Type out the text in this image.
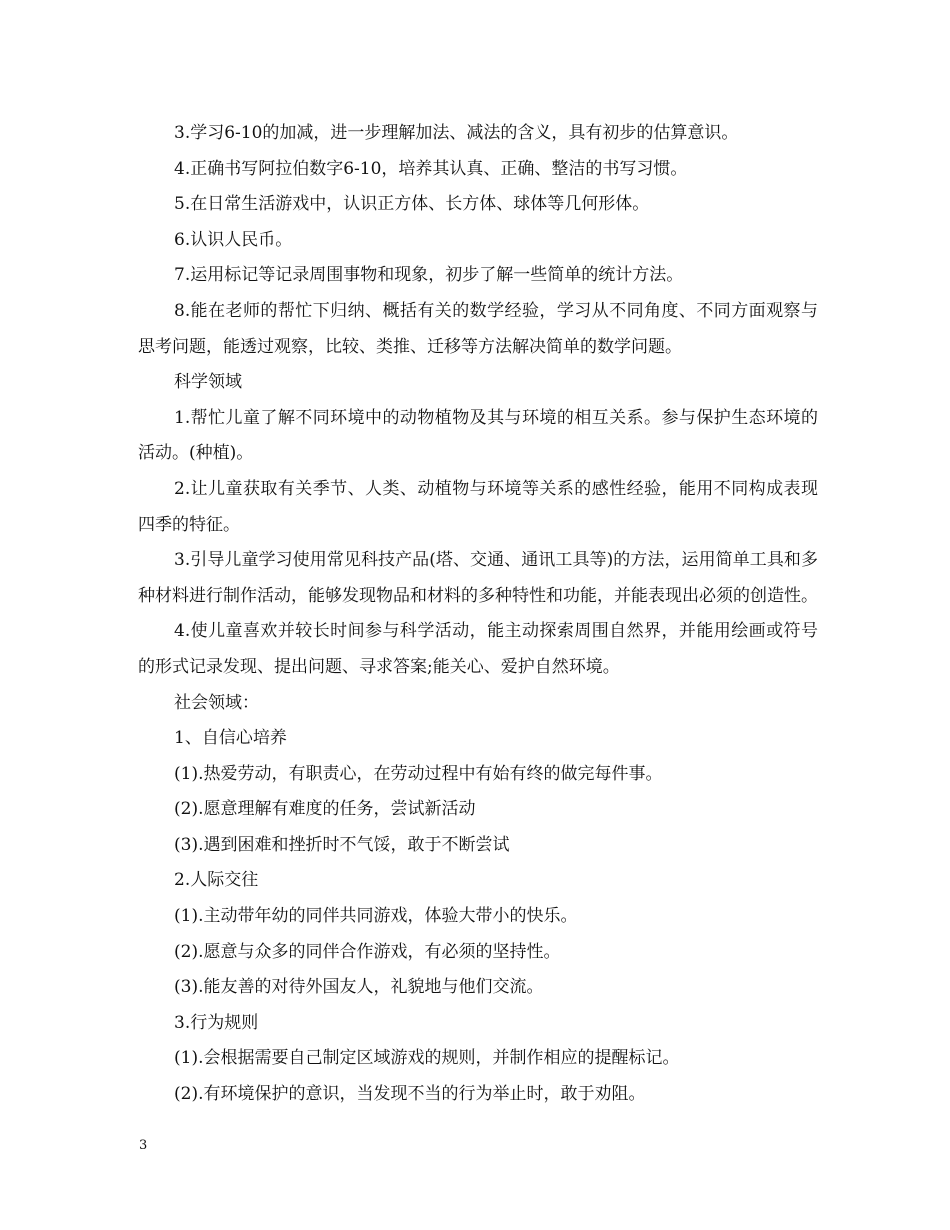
3.学习6-10的加减，进一步理解加法、减法的含义，具有初步的估算意识。

4.正确书写阿拉伯数字6-10，培养其认真、正确、整洁的书写习惯。

5.在日常生活游戏中，认识正方体、长方体、球体等几何形体。

6.认识人民币。

7.运用标记等记录周围事物和现象，初步了解一些简单的统计方法。

8.能在老师的帮忙下归纳、概括有关的数学经验，学习从不同角度、不同方面观察与思考问题，能透过观察，比较、类推、迁移等方法解决简单的数学问题。

科学领域

1.帮忙儿童了解不同环境中的动物植物及其与环境的相互关系。参与保护生态环境的活动。(种植)。

2.让儿童获取有关季节、人类、动植物与环境等关系的感性经验，能用不同构成表现四季的特征。

3.引导儿童学习使用常见科技产品(塔、交通、通讯工具等)的方法，运用简单工具和多种材料进行制作活动，能够发现物品和材料的多种特性和功能，并能表现出必须的创造性。

4.使儿童喜欢并较长时间参与科学活动，能主动探索周围自然界，并能用绘画或符号的形式记录发现、提出问题、寻求答案;能关心、爱护自然环境。

社会领域：

1、自信心培养

(1).热爱劳动，有职责心，在劳动过程中有始有终的做完每件事。

(2).愿意理解有难度的任务，尝试新活动

(3).遇到困难和挫折时不气馁，敢于不断尝试

2.人际交往

(1).主动带年幼的同伴共同游戏，体验大带小的快乐。

(2).愿意与众多的同伴合作游戏，有必须的坚持性。

(3).能友善的对待外国友人，礼貌地与他们交流。

3.行为规则

(1).会根据需要自己制定区域游戏的规则，并制作相应的提醒标记。

(2).有环境保护的意识，当发现不当的行为举止时，敢于劝阻。

3
